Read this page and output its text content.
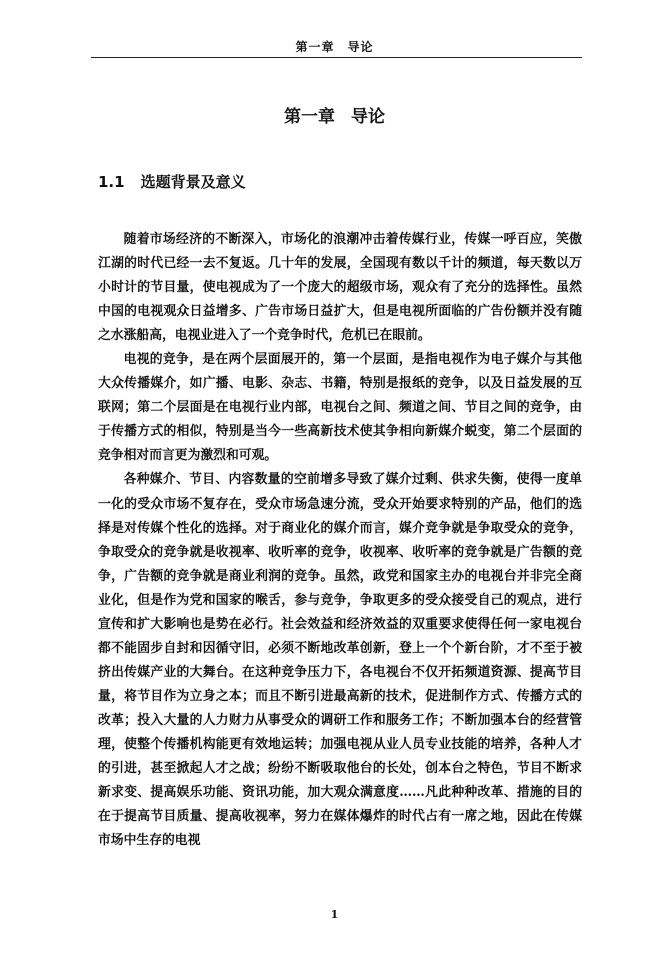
第一章　导论
第一章 导论
1.1 选题背景及意义

随着市场经济的不断深入，市场化的浪潮冲击着传媒行业，传媒一呼百应，笑傲江湖的时代已经一去不复返。几十年的发展，全国现有数以千计的频道，每天数以万小时计的节目量，使电视成为了一个庞大的超级市场，观众有了充分的选择性。虽然中国的电视观众日益增多、广告市场日益扩大，但是电视所面临的广告份额并没有随之水涨船高，电视业进入了一个竞争时代，危机已在眼前。

电视的竞争，是在两个层面展开的，第一个层面，是指电视作为电子媒介与其他大众传播媒介，如广播、电影、杂志、书籍，特别是报纸的竞争，以及日益发展的互联网；第二个层面是在电视行业内部，电视台之间、频道之间、节目之间的竞争，由于传播方式的相似，特别是当今一些高新技术使其争相向新媒介蜕变，第二个层面的竞争相对而言更为激烈和可观。

各种媒介、节目、内容数量的空前增多导致了媒介过剩、供求失衡，使得一度单一化的受众市场不复存在，受众市场急速分流，受众开始要求特别的产品，他们的选择是对传媒个性化的选择。对于商业化的媒介而言，媒介竞争就是争取受众的竞争，争取受众的竞争就是收视率、收听率的竞争，收视率、收听率的竞争就是广告额的竞争，广告额的竞争就是商业利润的竞争。虽然，政党和国家主办的电视台并非完全商业化，但是作为党和国家的喉舌，参与竞争，争取更多的受众接受自己的观点，进行宣传和扩大影响也是势在必行。社会效益和经济效益的双重要求使得任何一家电视台都不能固步自封和因循守旧，必须不断地改革创新，登上一个个新台阶，才不至于被挤出传媒产业的大舞台。在这种竞争压力下，各电视台不仅开拓频道资源、提高节目量，将节目作为立身之本；而且不断引进最高新的技术，促进制作方式、传播方式的改革；投入大量的人力财力从事受众的调研工作和服务工作；不断加强本台的经营管理，使整个传播机构能更有效地运转；加强电视从业人员专业技能的培养，各种人才的引进，甚至掀起人才之战；纷纷不断吸取他台的长处，创本台之特色，节目不断求新求变、提高娱乐功能、资讯功能，加大观众满意度……凡此种种改革、措施的目的在于提高节目质量、提高收视率，努力在媒体爆炸的时代占有一席之地，因此在传媒市场中生存的电视

1
